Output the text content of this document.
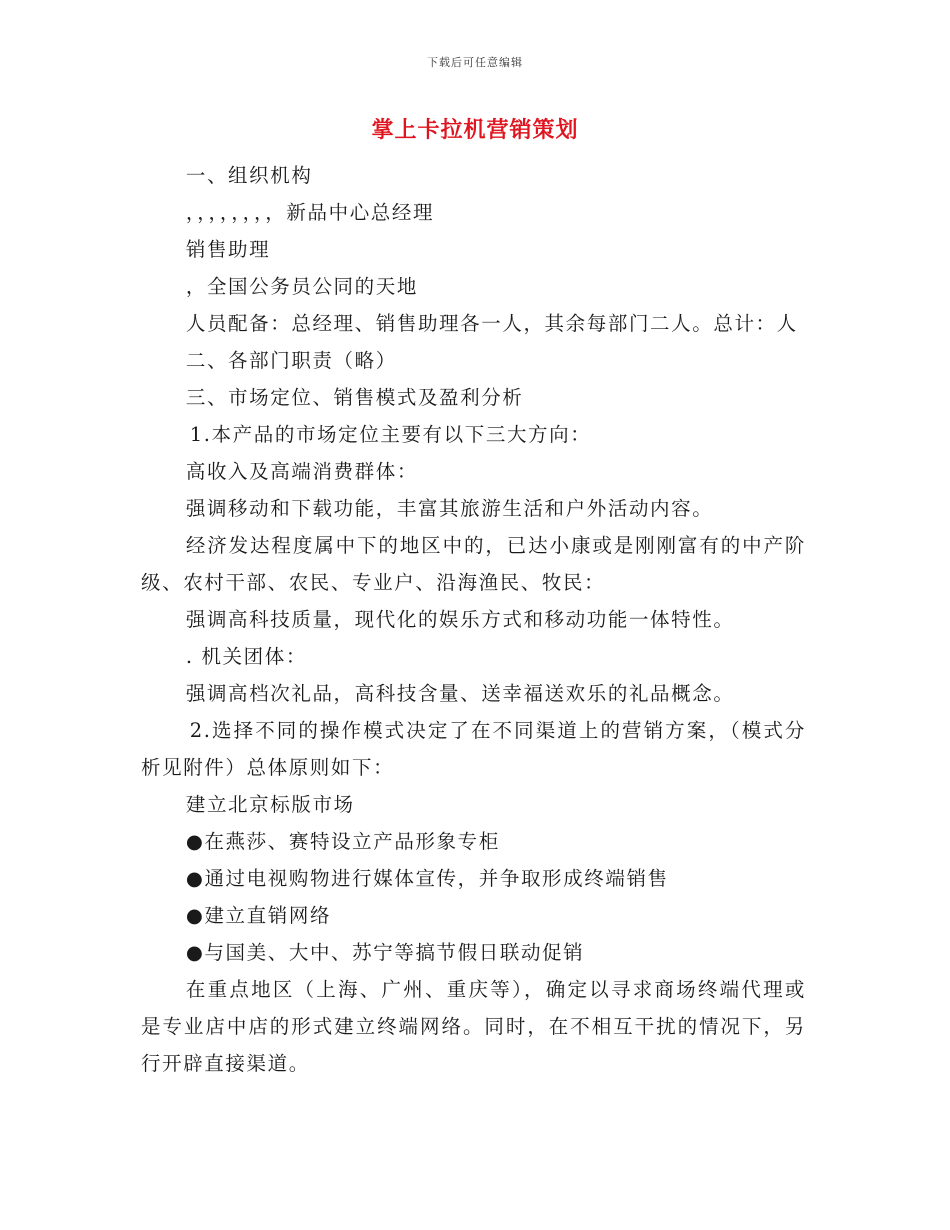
下载后可任意编辑
掌上卡拉机营销策划

一、组织机构

，，，，，，，，新品中心总经理

销售助理

，全国公务员公同的天地

人员配备：总经理、销售助理各一人，其余每部门二人。总计：人

二、各部门职责（略）

三、市场定位、销售模式及盈利分析

1.本产品的市场定位主要有以下三大方向：

高收入及高端消费群体：

强调移动和下载功能，丰富其旅游生活和户外活动内容。

经济发达程度属中下的地区中的，已达小康或是刚刚富有的中产阶级、农村干部、农民、专业户、沿海渔民、牧民：

强调高科技质量，现代化的娱乐方式和移动功能一体特性。

. 机关团体：

强调高档次礼品，高科技含量、送幸福送欢乐的礼品概念。

2.选择不同的操作模式决定了在不同渠道上的营销方案，（模式分析见附件）总体原则如下：

建立北京标版市场

●在燕莎、赛特设立产品形象专柜

●通过电视购物进行媒体宣传，并争取形成终端销售

●建立直销网络

●与国美、大中、苏宁等搞节假日联动促销

在重点地区（上海、广州、重庆等），确定以寻求商场终端代理或是专业店中店的形式建立终端网络。同时，在不相互干扰的情况下，另行开辟直接渠道。
